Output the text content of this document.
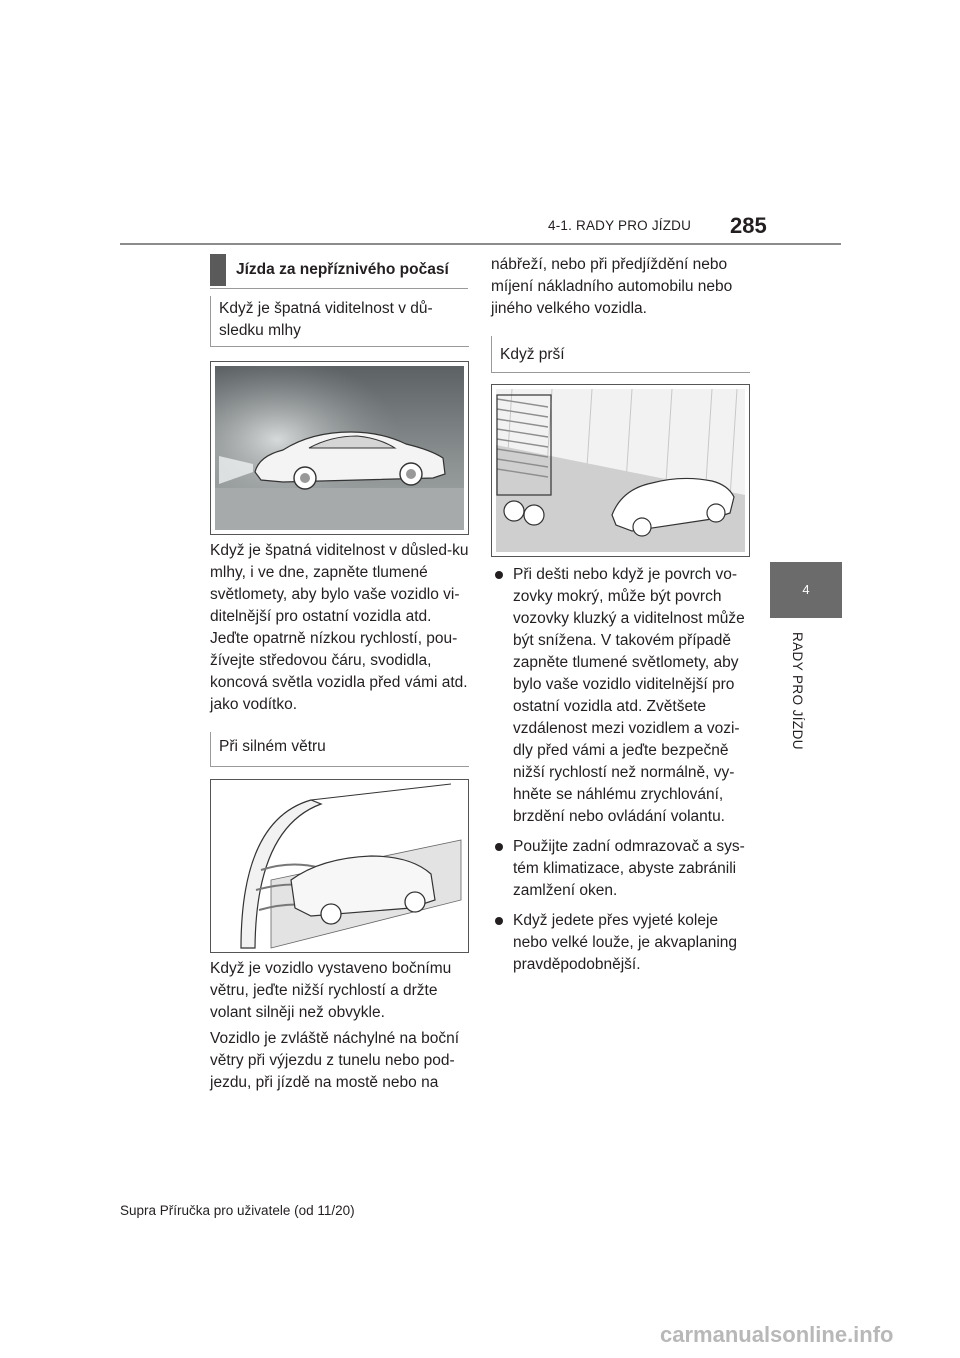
4-1. RADY PRO JÍZDU 285
4
RADY PRO JÍZDU
Jízda za nepříznivého počasí
Když je špatná viditelnost v dů-sledku mlhy

Když je špatná viditelnost v důsled-ku mlhy, i ve dne, zapněte tlumené světlomety, aby bylo vaše vozidlo vi-ditelnější pro ostatní vozidla atd. Jeďte opatrně nízkou rychlostí, pou-žívejte středovou čáru, svodidla, koncová světla vozidla před vámi atd. jako vodítko.

Při silném větru

Když je vozidlo vystaveno bočnímu větru, jeďte nižší rychlostí a držte volant silněji než obvykle.

Vozidlo je zvláště náchylné na boční větry při výjezdu z tunelu nebo pod-jezdu, při jízdě na mostě nebo na

nábřeží, nebo při předjíždění nebo míjení nákladního automobilu nebo jiného velkého vozidla.

Když prší
Při dešti nebo když je povrch vo-zovky mokrý, může být povrch vozovky kluzký a viditelnost může být snížena. V takovém případě zapněte tlumené světlomety, aby bylo vaše vozidlo viditelnější pro ostatní vozidla atd. Zvětšete vzdálenost mezi vozidlem a vozi-dly před vámi a jeďte bezpečně nižší rychlostí než normálně, vy-hněte se náhlému zrychlování, brzdění nebo ovládání volantu.
Použijte zadní odmrazovač a sys-tém klimatizace, abyste zabránili zamlžení oken.
Když jedete přes vyjeté koleje nebo velké louže, je akvaplaning pravděpodobnější.
Supra Příručka pro uživatele (od 11/20)
carmanualsonline.info
